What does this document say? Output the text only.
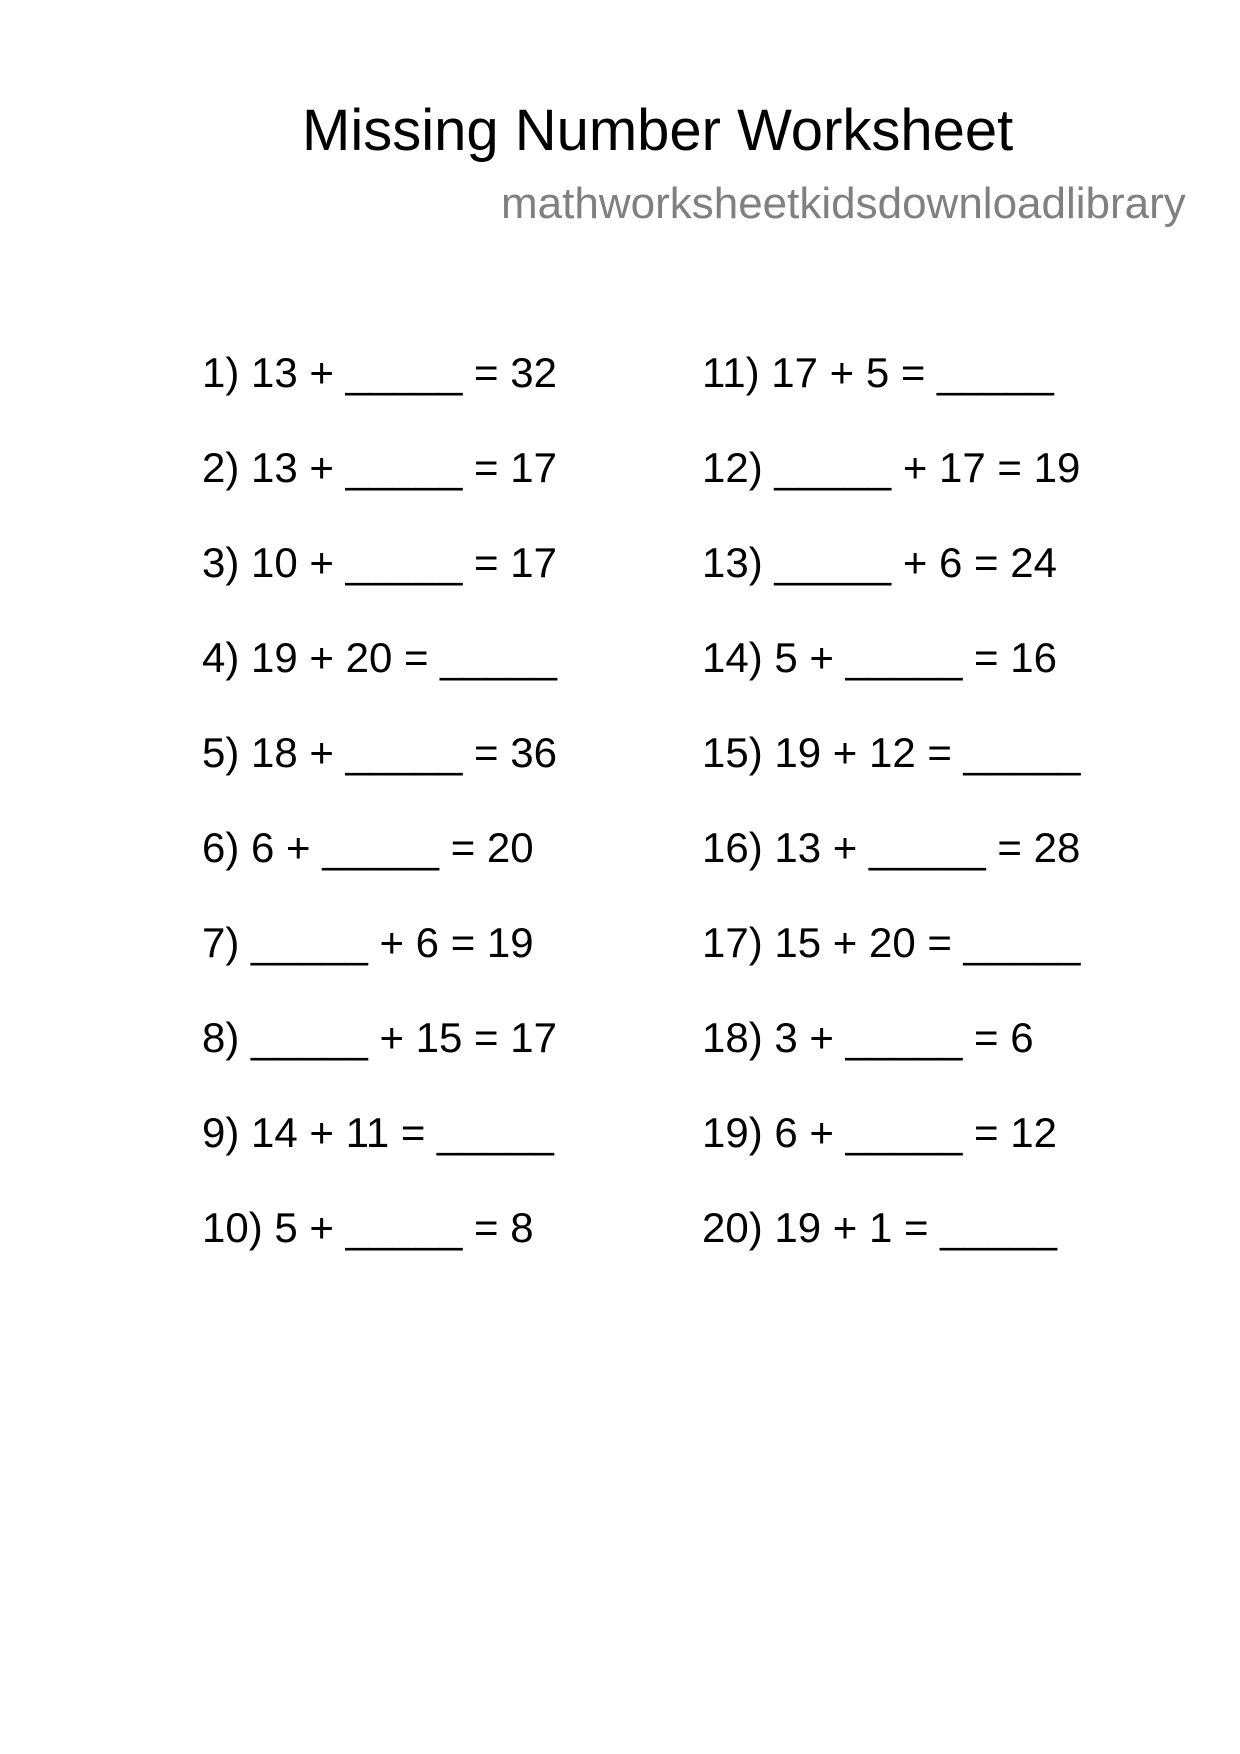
Missing Number Worksheet
mathworksheetkidsdownloadlibrary
1) 13 + _____ = 32
2) 13 + _____ = 17
3) 10 + _____ = 17
4) 19 + 20 = _____
5) 18 + _____ = 36
6) 6 + _____ = 20
7) _____ + 6 = 19
8) _____ + 15 = 17
9) 14 + 11 = _____
10) 5 + _____ = 8
11) 17 + 5 = _____
12) _____ + 17 = 19
13) _____ + 6 = 24
14) 5 + _____ = 16
15) 19 + 12 = _____
16) 13 + _____ = 28
17) 15 + 20 = _____
18) 3 + _____ = 6
19) 6 + _____ = 12
20) 19 + 1 = _____
